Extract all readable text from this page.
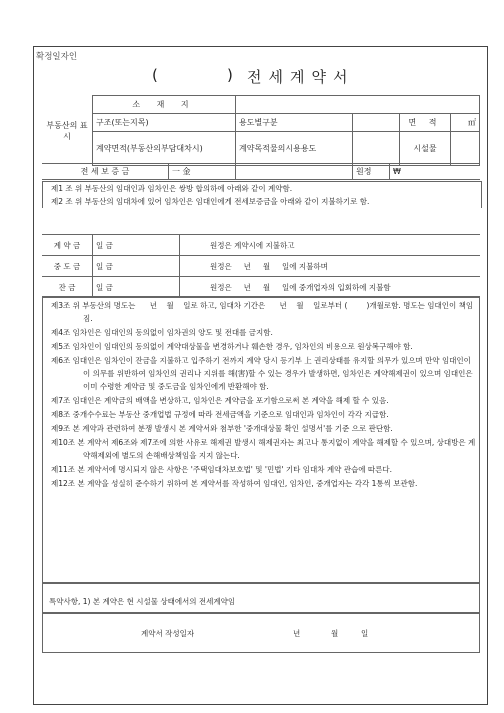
확정일자인
(	) 전세계약서
부동산의 표시	소 재 지				
	구조(또는지목)	용도별구분		면 적	㎡
	계약면적(부동산의부담대차시)	계약목적물의시용용도		시설물	
전 세 보 증 금	一 金		원정	₩

제1 조 위 부동산의 임대인과 임차인은 쌍방 합의하에 아래와 같이 계약함.

제2 조 위 부동산의 임대차에 있어 임차인은 임대인에게 전세보증금을 아래와 같이 지불하기로 함.

계 약 금	일 금	원정은 계약시에 지불하고
중 도 금	일 금	원정은     년     월     일에 지불하며
잔 금	일 금	원정은     년     월     일에 중개업자의 입회하에 지불함

제3조 위 부동산의 명도는      년    월    일로 하고, 임대차 기간은      년    월    일로부터 (        )개월로함. 명도는 임대인이 책임짐.

제4조 임차인은 임대인의 동의없이 임차권의 양도 및 전대를 금지함.

제5조 임차인이 임대인의 동의없이 계약대상물을 변경하거나 훼손한 경우, 임차인의 비용으로 원상복구해야 함.

제6조 임대인은 임차인이 잔금을 지불하고 입주하기 전까지 계약 당시 등기부 上 권리상태를 유지할 의무가 있으며 만약 임대인이 이 의무를 위반하여 임차인의 권리나 지위를 해(害)할 수 있는 경우가 발생하면, 임차인은 계약해제권이 있으며 임대인은 이미 수령한 계약금 및 중도금을 임차인에게 반환해야 함.

제7조 임대인은 계약금의 배액을 변상하고, 임차인은 계약금을 포기함으로써 본 계약을 해제 할 수 있음.

제8조 중개수수료는 부동산 중개업법 규정에 따라 전세금액을 기준으로 임대인과 임차인이 각각 지급함.

제9조 본 계약과 관련하여 분쟁 발생시 본 계약서와 첨부한 '중개대상물 확인 설명서'를 기준 으로 판단함.

제10조 본 계약서 제6조와 제7조에 의한 사유로 해제권 발생시 해제권자는 최고나 통지없이 계약을 해제할 수 있으며, 상대방은 계약해제외에 별도의 손해배상책임을 지지 않는다.

제11조 본 계약서에 명시되지 않은 사항은 '주택임대차보호법' 및 '민법' 기타 임대차 계약 관습에 따른다.

제12조 본 계약을 성실히 준수하기 위하여 본 계약서를 작성하여 임대인, 임차인, 중개업자는 각각 1통씩 보관함.

특약사항, 1) 본 계약은 현 시설물 상태에서의 전세계약임
계약서 작성일자	년	월	일
